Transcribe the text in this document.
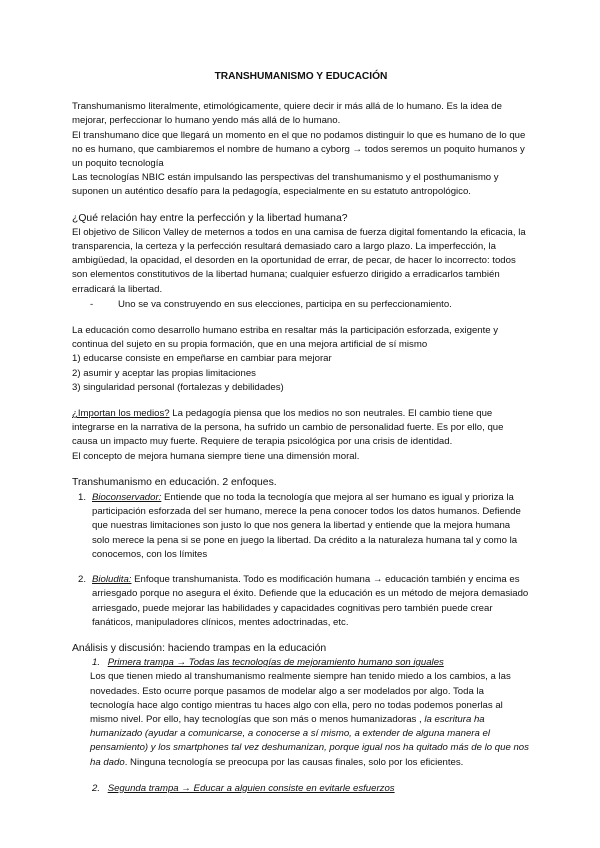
TRANSHUMANISMO Y EDUCACIÓN

Transhumanismo literalmente, etimológicamente, quiere decir ir más allá de lo humano. Es la idea de mejorar, perfeccionar lo humano yendo más allá de lo humano.

El transhumano dice que llegará un momento en el que no podamos distinguir lo que es humano de lo que no es humano, que cambiaremos el nombre de humano a cyborg → todos seremos un poquito humanos y un poquito tecnología

Las tecnologías NBIC están impulsando las perspectivas del transhumanismo y el posthumanismo y suponen un auténtico desafío para la pedagogía, especialmente en su estatuto antropológico.

¿Qué relación hay entre la perfección y la libertad humana?

El objetivo de Silicon Valley de meternos a todos en una camisa de fuerza digital fomentando la eficacia, la transparencia, la certeza y la perfección resultará demasiado caro a largo plazo. La imperfección, la ambigüedad, la opacidad, el desorden en la oportunidad de errar, de pecar, de hacer lo incorrecto: todos son elementos constitutivos de la libertad humana; cualquier esfuerzo dirigido a erradicarlos también erradicará la libertad.

-	Uno se va construyendo en sus elecciones, participa en su perfeccionamiento.

La educación como desarrollo humano estriba en resaltar más la participación esforzada, exigente y continua del sujeto en su propia formación, que en una mejora artificial de sí mismo

1) educarse consiste en empeñarse en cambiar para mejorar

2) asumir y aceptar las propias limitaciones

3) singularidad personal (fortalezas y debilidades)

¿Importan los medios? La pedagogía piensa que los medios no son neutrales. El cambio tiene que integrarse en la narrativa de la persona, ha sufrido un cambio de personalidad fuerte. Es por ello, que causa un impacto muy fuerte. Requiere de terapia psicológica por una crisis de identidad.

El concepto de mejora humana siempre tiene una dimensión moral.

Transhumanismo en educación. 2 enfoques.

1. Bioconservador: Entiende que no toda la tecnología que mejora al ser humano es igual y prioriza la participación esforzada del ser humano, merece la pena conocer todos los datos humanos. Defiende que nuestras limitaciones son justo lo que nos genera la libertad y entiende que la mejora humana solo merece la pena si se pone en juego la libertad. Da crédito a la naturaleza humana tal y como la conocemos, con los límites
2. Bioludita: Enfoque transhumanista. Todo es modificación humana → educación también y encima es arriesgado porque no asegura el éxito. Defiende que la educación es un método de mejora demasiado arriesgado, puede mejorar las habilidades y capacidades cognitivas pero también puede crear fanáticos, manipuladores clínicos, mentes adoctrinadas, etc.

Análisis y discusión: haciendo trampas en la educación

1. Primera trampa → Todas las tecnologías de mejoramiento humano son iguales

Los que tienen miedo al transhumanismo realmente siempre han tenido miedo a los cambios, a las novedades. Esto ocurre porque pasamos de modelar algo a ser modelados por algo. Toda la tecnología hace algo contigo mientras tu haces algo con ella, pero no todas podemos ponerlas al mismo nivel. Por ello, hay tecnologías que son más o menos humanizadoras , la escritura ha humanizado (ayudar a comunicarse, a conocerse a sí mismo, a extender de alguna manera el pensamiento) y los smartphones tal vez deshumanizan, porque igual nos ha quitado más de lo que nos ha dado. Ninguna tecnología se preocupa por las causas finales, solo por los eficientes.

2. Segunda trampa → Educar a alguien consiste en evitarle esfuerzos
